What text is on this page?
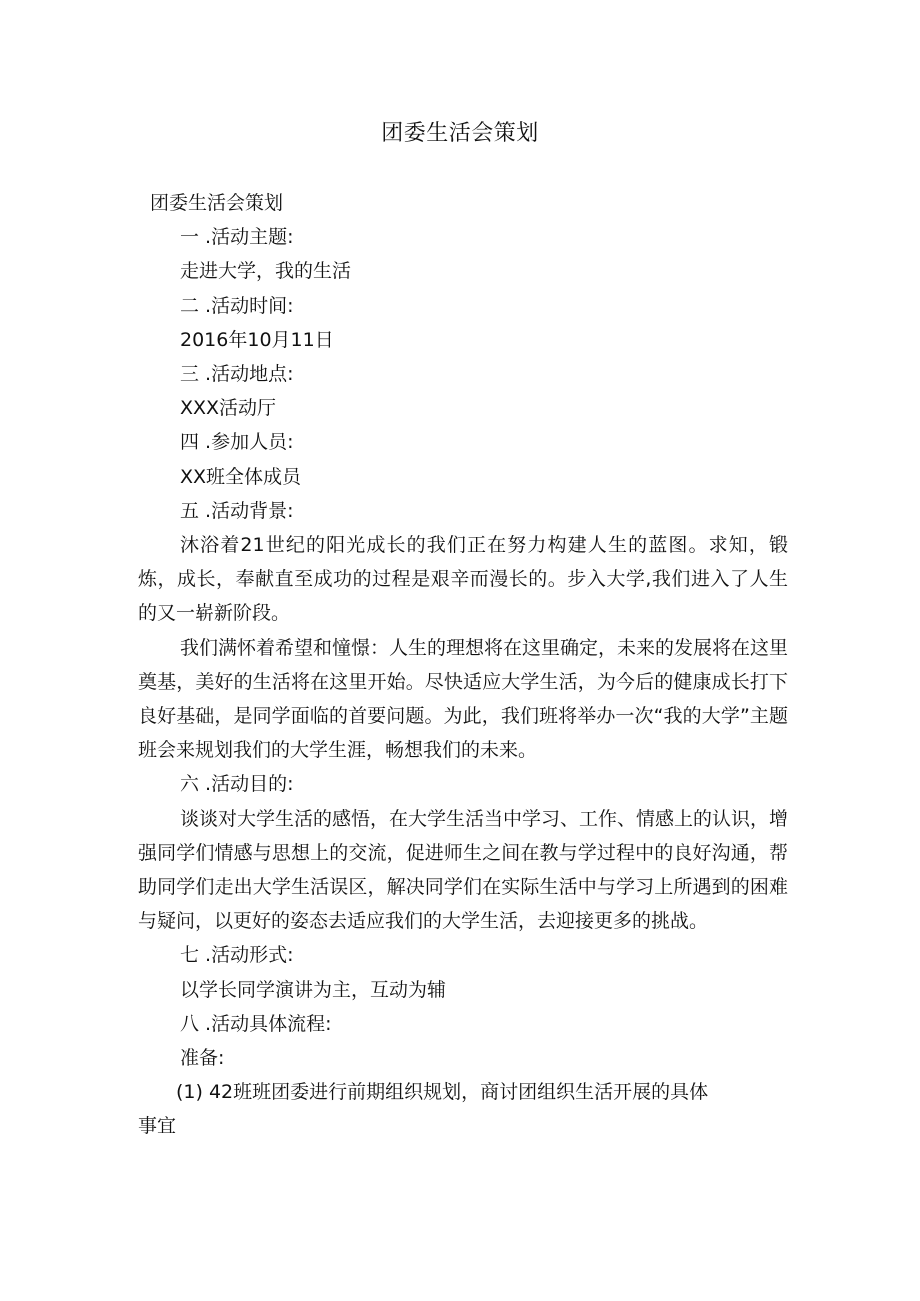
团委生活会策划

团委生活会策划

一 .活动主题:

走进大学，我的生活

二 .活动时间:

2016年10月11日

三 .活动地点:

XXX活动厅

四 .参加人员:

XX班全体成员

五 .活动背景:

沐浴着21世纪的阳光成长的我们正在努力构建人生的蓝图。求知，锻炼，成长，奉献直至成功的过程是艰辛而漫长的。步入大学,我们进入了人生的又一崭新阶段。

我们满怀着希望和憧憬：人生的理想将在这里确定，未来的发展将在这里奠基，美好的生活将在这里开始。尽快适应大学生活，为今后的健康成长打下良好基础，是同学面临的首要问题。为此，我们班将举办一次“我的大学”主题班会来规划我们的大学生涯，畅想我们的未来。

六 .活动目的:

谈谈对大学生活的感悟，在大学生活当中学习、工作、情感上的认识，增强同学们情感与思想上的交流，促进师生之间在教与学过程中的良好沟通，帮助同学们走出大学生活误区，解决同学们在实际生活中与学习上所遇到的困难与疑问，以更好的姿态去适应我们的大学生活，去迎接更多的挑战。

七 .活动形式:

以学长同学演讲为主，互动为辅

八 .活动具体流程:

准备:

(1) 42班班团委进行前期组织规划，商讨团组织生活开展的具体

事宜
